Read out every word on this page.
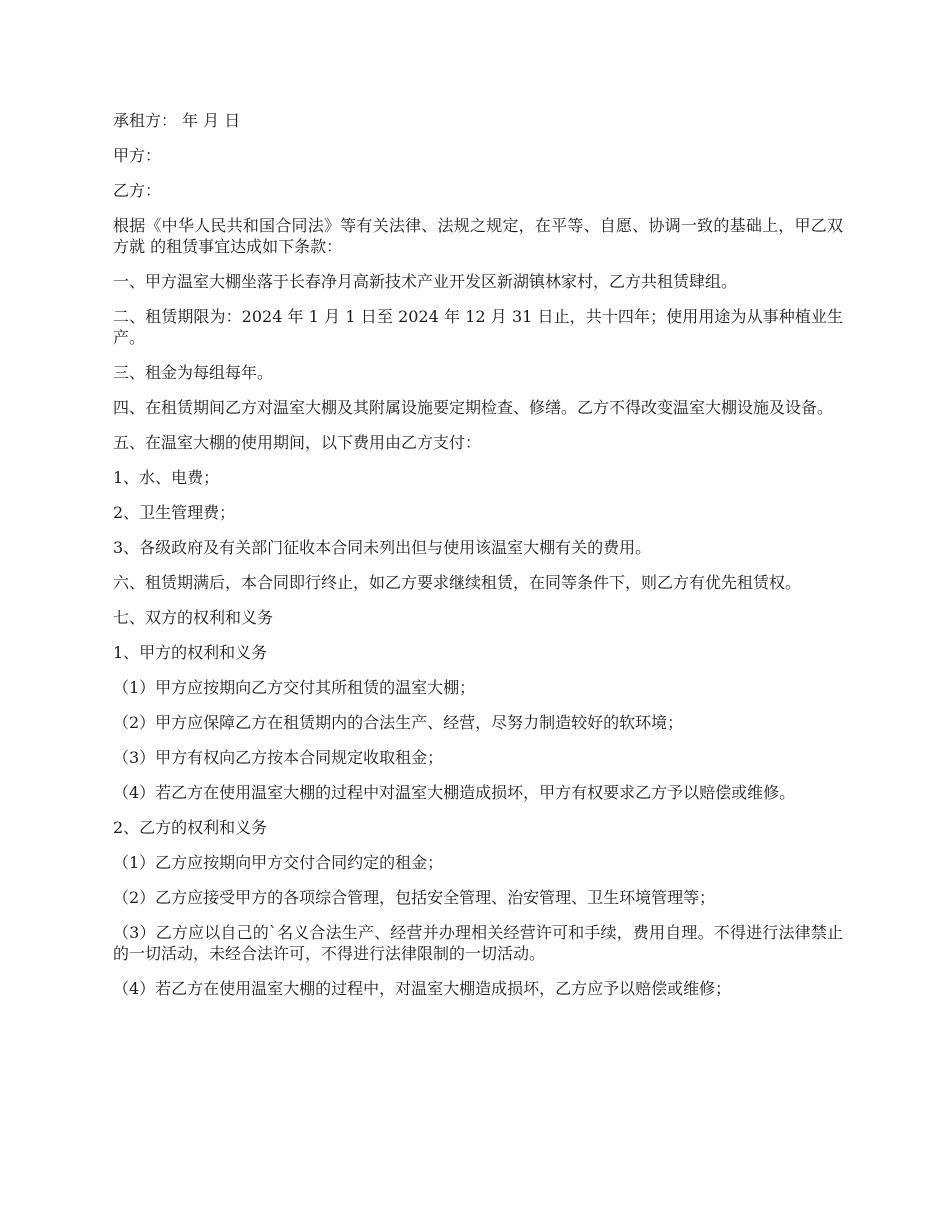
承租方： 年 月 日

甲方：

乙方：

根据《中华人民共和国合同法》等有关法律、法规之规定，在平等、自愿、协调一致的基础上，甲乙双方就 的租赁事宜达成如下条款：

一、甲方温室大棚坐落于长春净月高新技术产业开发区新湖镇林家村，乙方共租赁肆组。

二、租赁期限为：2024 年 1 月 1 日至 2024 年 12 月 31 日止，共十四年；使用用途为从事种植业生产。

三、租金为每组每年。

四、在租赁期间乙方对温室大棚及其附属设施要定期检查、修缮。乙方不得改变温室大棚设施及设备。

五、在温室大棚的使用期间，以下费用由乙方支付：

1、水、电费；

2、卫生管理费；

3、各级政府及有关部门征收本合同未列出但与使用该温室大棚有关的费用。

六、租赁期满后，本合同即行终止，如乙方要求继续租赁，在同等条件下，则乙方有优先租赁权。

七、双方的权利和义务

1、甲方的权利和义务

（1）甲方应按期向乙方交付其所租赁的温室大棚；

（2）甲方应保障乙方在租赁期内的合法生产、经营，尽努力制造较好的软环境；

（3）甲方有权向乙方按本合同规定收取租金；

（4）若乙方在使用温室大棚的过程中对温室大棚造成损坏，甲方有权要求乙方予以赔偿或维修。

2、乙方的权利和义务

（1）乙方应按期向甲方交付合同约定的租金；

（2）乙方应接受甲方的各项综合管理，包括安全管理、治安管理、卫生环境管理等；

（3）乙方应以自己的`名义合法生产、经营并办理相关经营许可和手续，费用自理。不得进行法律禁止的一切活动，未经合法许可，不得进行法律限制的一切活动。

（4）若乙方在使用温室大棚的过程中，对温室大棚造成损坏，乙方应予以赔偿或维修；
